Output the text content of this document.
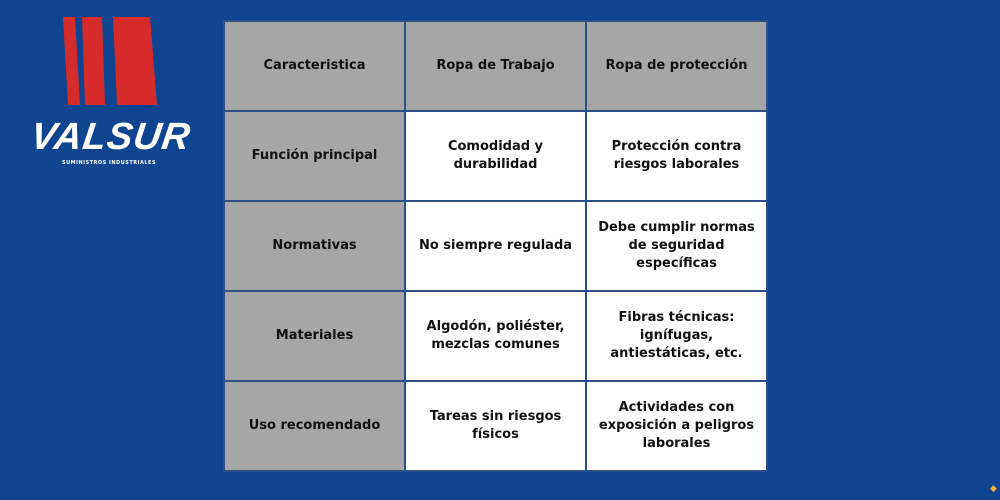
VALSUR
SUMINISTROS INDUSTRIALES
Caracteristica	Ropa de Trabajo	Ropa de protección
Función principal	Comodidad y durabilidad	Protección contra riesgos laborales
Normativas	No siempre regulada	Debe cumplir normas de seguridad específicas
Materiales	Algodón, poliéster, mezclas comunes	Fibras técnicas: ignífugas, antiestáticas, etc.
Uso recomendado	Tareas sin riesgos físicos	Actividades con exposición a peligros laborales
◆
